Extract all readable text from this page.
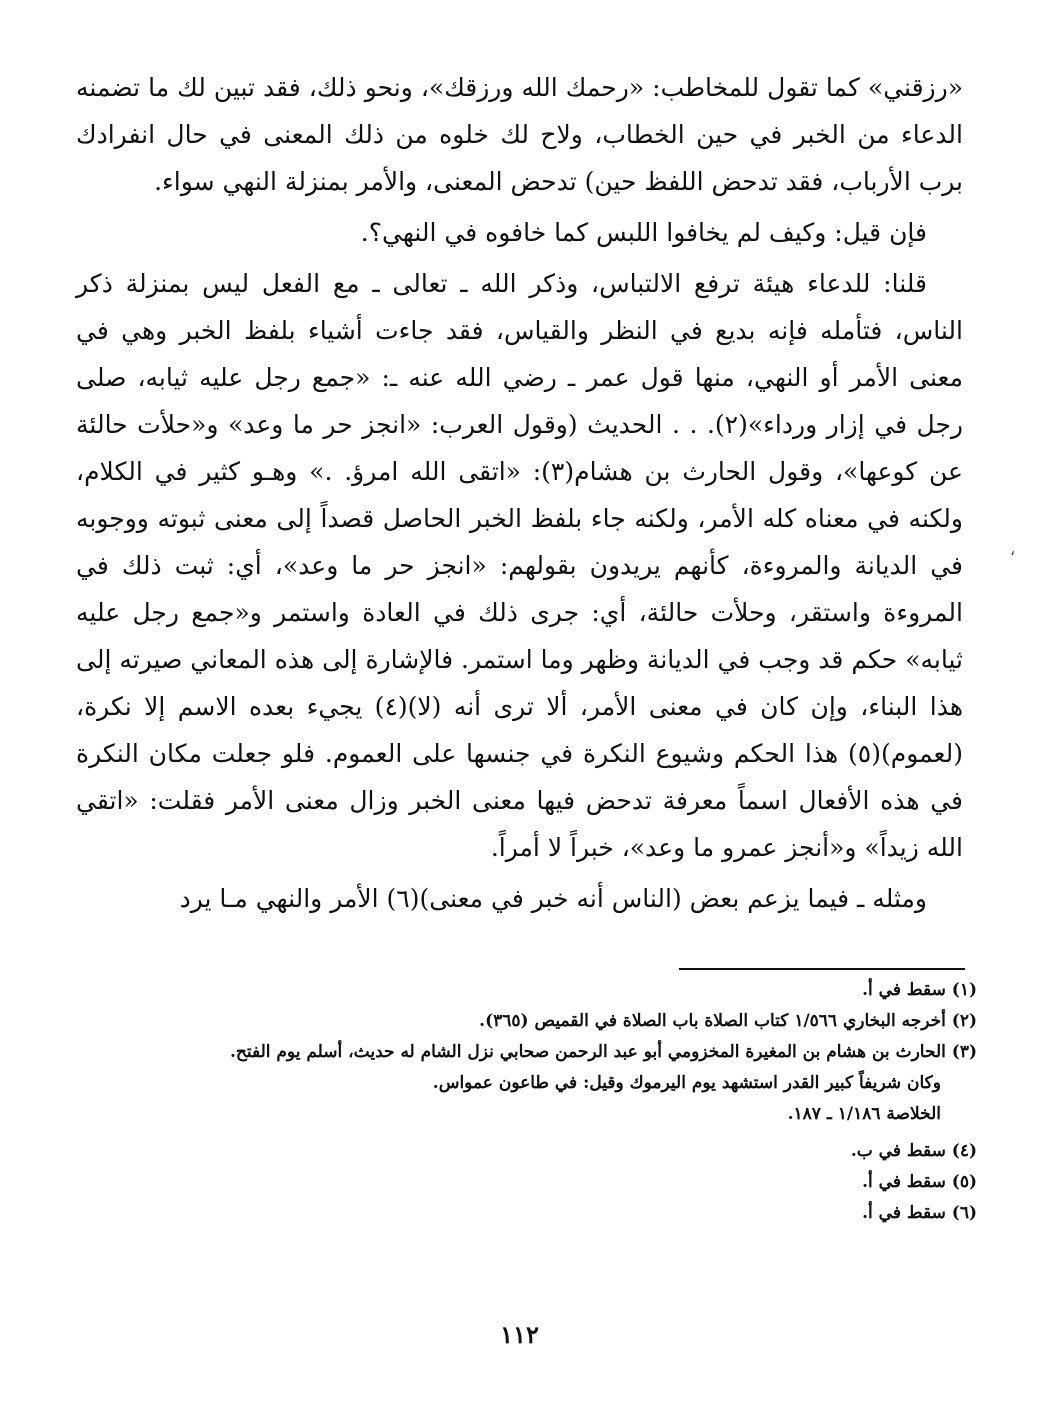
«رزقني» كما تقول للمخاطب: «رحمك الله ورزقك»، ونحو ذلك، فقد تبين لك ما تضمنه الدعاء من الخبر في حين الخطاب، ولاح لك خلوه من ذلك المعنى في حال انفرادك برب الأرباب، فقد تدحض اللفظ حين) تدحض المعنى، والأمر بمنزلة النهي سواء.

فإن قيل: وكيف لم يخافوا اللبس كما خافوه في النهي؟.

قلنا: للدعاء هيئة ترفع الالتباس، وذكر الله ـ تعالى ـ مع الفعل ليس بمنزلة ذكر الناس، فتأمله فإنه بديع في النظر والقياس، فقد جاءت أشياء بلفظ الخبر وهي في معنى الأمر أو النهي، منها قول عمر ـ رضي الله عنه ـ: «جمع رجل عليه ثيابه، صلى رجل في إزار ورداء»(٢). . . الحديث (وقول العرب: «انجز حر ما وعد» و«حلأت حالئة عن كوعها»، وقول الحارث بن هشام(٣): «اتقى الله امرؤ. .» وهـو كثير في الكلام، ولكنه في معناه كله الأمر، ولكنه جاء بلفظ الخبر الحاصل قصداً إلى معنى ثبوته ووجوبه في الديانة والمروءة، كأنهم يريدون بقولهم: «انجز حر ما وعد»، أي: ثبت ذلك في المروءة واستقر، وحلأت حالئة، أي: جرى ذلك في العادة واستمر و«جمع رجل عليه ثيابه» حكم قد وجب في الديانة وظهر وما استمر. فالإشارة إلى هذه المعاني صيرته إلى هذا البناء، وإن كان في معنى الأمر، ألا ترى أنه (لا)(٤) يجيء بعده الاسم إلا نكرة، (لعموم)(٥) هذا الحكم وشيوع النكرة في جنسها على العموم. فلو جعلت مكان النكرة في هذه الأفعال اسماً معرفة تدحض فيها معنى الخبر وزال معنى الأمر فقلت: «اتقي الله زيداً» و«أنجز عمرو ما وعد»، خبراً لا أمراً.

ومثله ـ فيما يزعم بعض (الناس أنه خبر في معنى)(٦) الأمر والنهي مـا يرد

،

(١) سقط في أ.

(٢) أخرجه البخاري ١/٥٦٦ كتاب الصلاة باب الصلاة في القميص (٣٦٥).

(٣) الحارث بن هشام بن المغيرة المخزومي أبو عبد الرحمن صحابي نزل الشام له حديث، أسلم يوم الفتح.

وكان شريفاً كبير القدر استشهد يوم اليرموك وقيل: في طاعون عمواس.

الخلاصة ١/١٨٦ ـ ١٨٧.

(٤) سقط في ب.

(٥) سقط في أ.

(٦) سقط في أ.

١١٢
